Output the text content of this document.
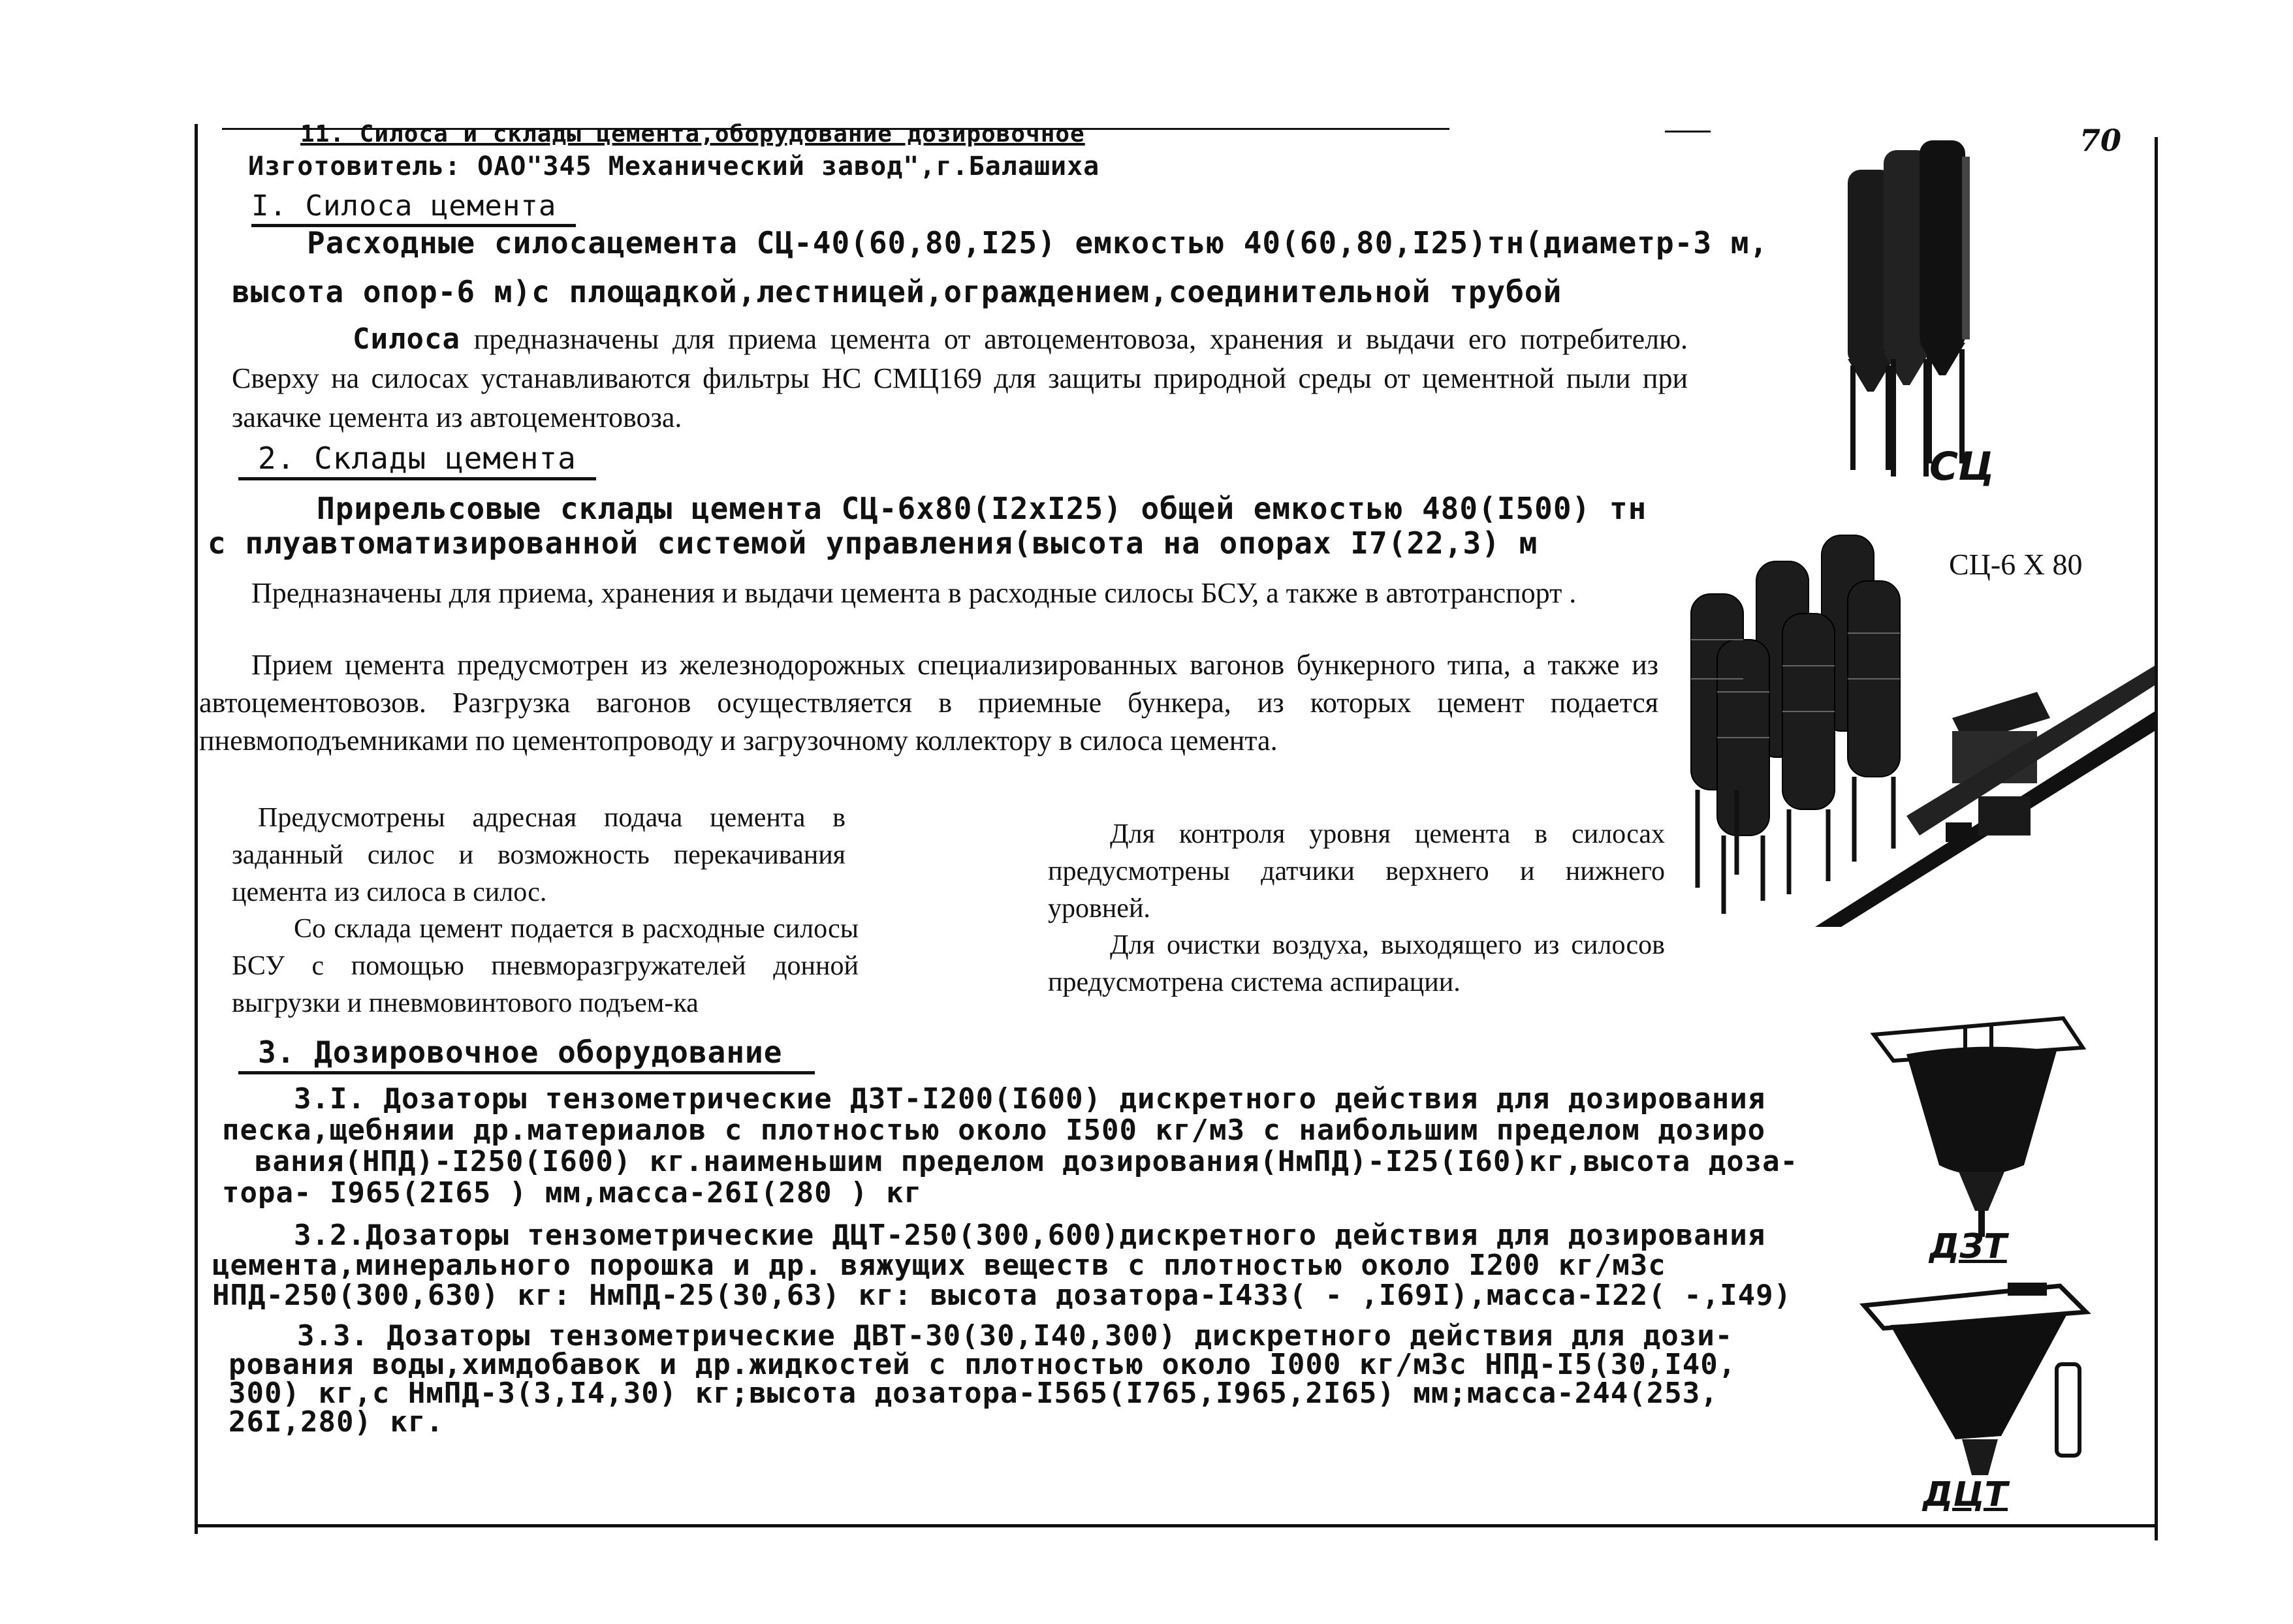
70
11. Силоса и склады цемента,оборудование дозировочное
Изготовитель: ОАО"345 Механический завод",г.Балашиха
I. Силоса цемента
Расходные силосацемента СЦ-40(60,80,I25) емкостью 40(60,80,I25)тн(диаметр-3 м,
высота опор-6 м)с площадкой,лестницей,ограждением,соединительной трубой
Силоса предназначены для приема цемента от автоцементовоза, хранения и выдачи его потребителю. Сверху на силосах устанавливаются фильтры НС СМЦ169 для защиты природной среды от цементной пыли при закачке цемента из автоцементовоза.
2. Склады цемента
Прирельсовые склады цемента СЦ-6х80(I2xI25) общей емкостью 480(I500) тн
с плуавтоматизированной системой управления(высота на опорах I7(22,3) м
Предназначены для приема, хранения и выдачи цемента в расходные силосы БСУ, а также в автотранспорт .
Прием цемента предусмотрен из железнодорожных специализированных вагонов бункерного типа, а также из автоцементовозов. Разгрузка вагонов осуществляется в приемные бункера, из которых цемент подается пневмоподъемниками по цементопроводу и загрузочному коллектору в силоса цемента.
Предусмотрены адресная подача цемента в заданный силос и возможность перекачивания цемента из силоса в силос.
Со склада цемент подается в расходные силосы БСУ с помощью пневморазгружателей донной выгрузки и пневмовинтового подъем-ка
Для контроля уровня цемента в силосах предусмотрены датчики верхнего и нижнего уровней.
Для очистки воздуха, выходящего из силосов предусмотрена система аспирации.
3. Дозировочное оборудование
3.I. Дозаторы тензометрические ДЗТ-I200(I600) дискретного действия для дозирования
песка,щебняии др.материалов с плотностью около I500 кг/м3 с наибольшим пределом дозиро
вания(НПД)-I250(I600) кг.наименьшим пределом дозирования(НмПД)-I25(I60)кг,высота доза-
тора- I965(2I65 ) мм,масса-26I(280 ) кг
3.2.Дозаторы тензометрические ДЦТ-250(300,600)дискретного действия для дозирования
цемента,минерального порошка и др. вяжущих веществ с плотностью около I200 кг/м3с
НПД-250(300,630) кг: НмПД-25(30,63) кг: высота дозатора-I433( - ,I69I),масса-I22( -,I49)
3.3. Дозаторы тензометрические ДВТ-30(30,I40,300) дискретного действия для дози-
рования воды,химдобавок и др.жидкостей с плотностью около I000 кг/м3с НПД-I5(30,I40,
300) кг,с НмПД-3(3,I4,30) кг;высота дозатора-I565(I765,I965,2I65) мм;масса-244(253,
26I,280) кг.
СЦ
СЦ-6 Х 80
ДЗТ
ДЦТ
